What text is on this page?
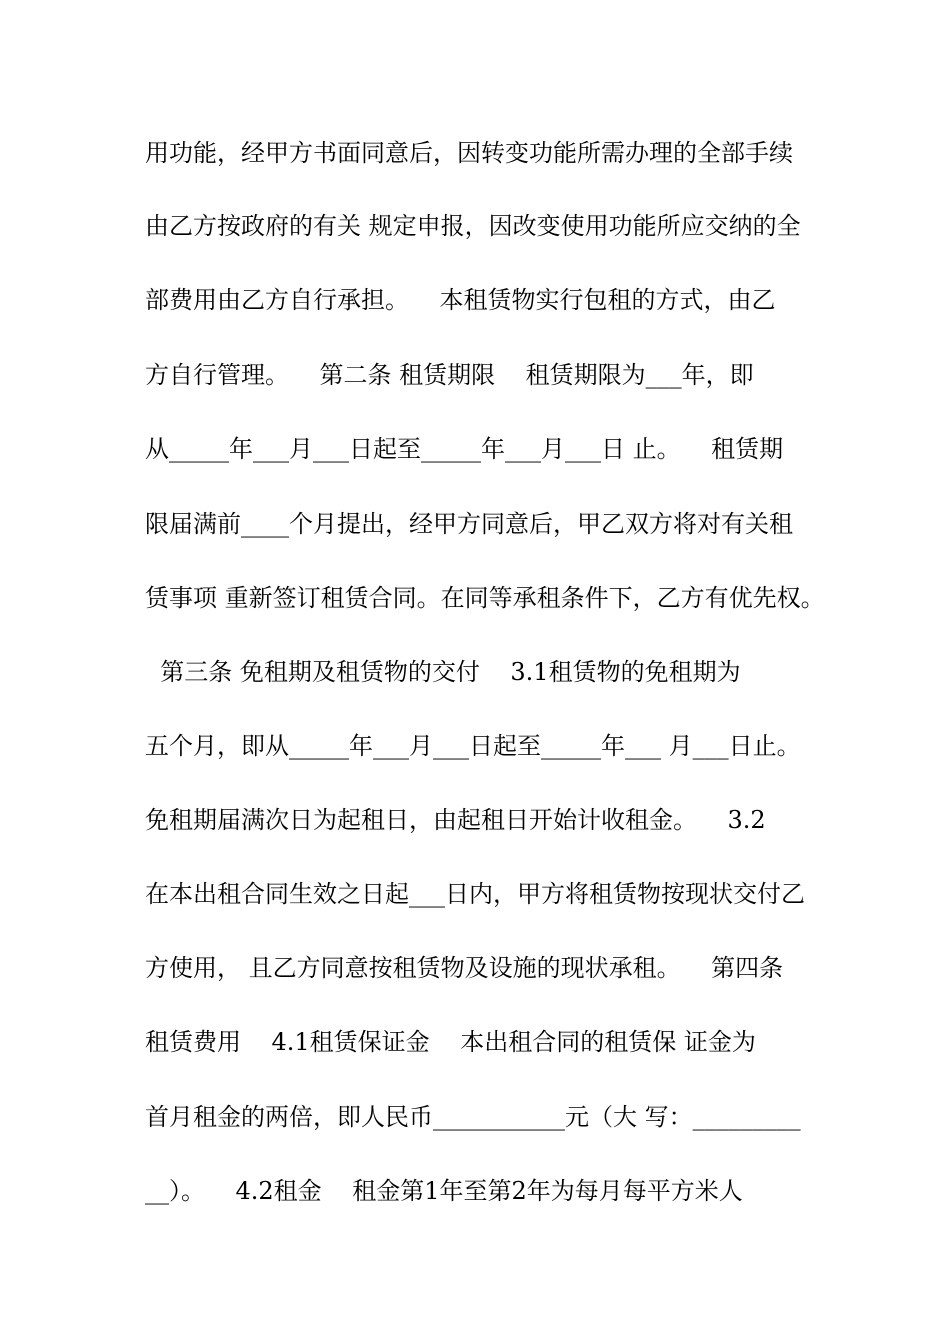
用功能，经甲方书面同意后，因转变功能所需办理的全部手续
由乙方按政府的有关 规定申报，因改变使用功能所应交纳的全
部费用由乙方自行承担。    本租赁物实行包租的方式，由乙
方自行管理。    第二条 租赁期限    租赁期限为___年，即
从_____年___月___日起至_____年___月___日 止。    租赁期
限届满前____个月提出，经甲方同意后，甲乙双方将对有关租
赁事项 重新签订租赁合同。在同等承租条件下，乙方有优先权。
第三条 免租期及租赁物的交付    3.1租赁物的免租期为
五个月，即从_____年___月___日起至_____年___ 月___日止。
免租期届满次日为起租日，由起租日开始计收租金。    3.2
在本出租合同生效之日起___日内，甲方将租赁物按现状交付乙
方使用， 且乙方同意按租赁物及设施的现状承租。    第四条
租赁费用    4.1租赁保证金    本出租合同的租赁保 证金为
首月租金的两倍，即人民币___________元（大 写：_________
__）。    4.2租金    租金第1年至第2年为每月每平方米人
